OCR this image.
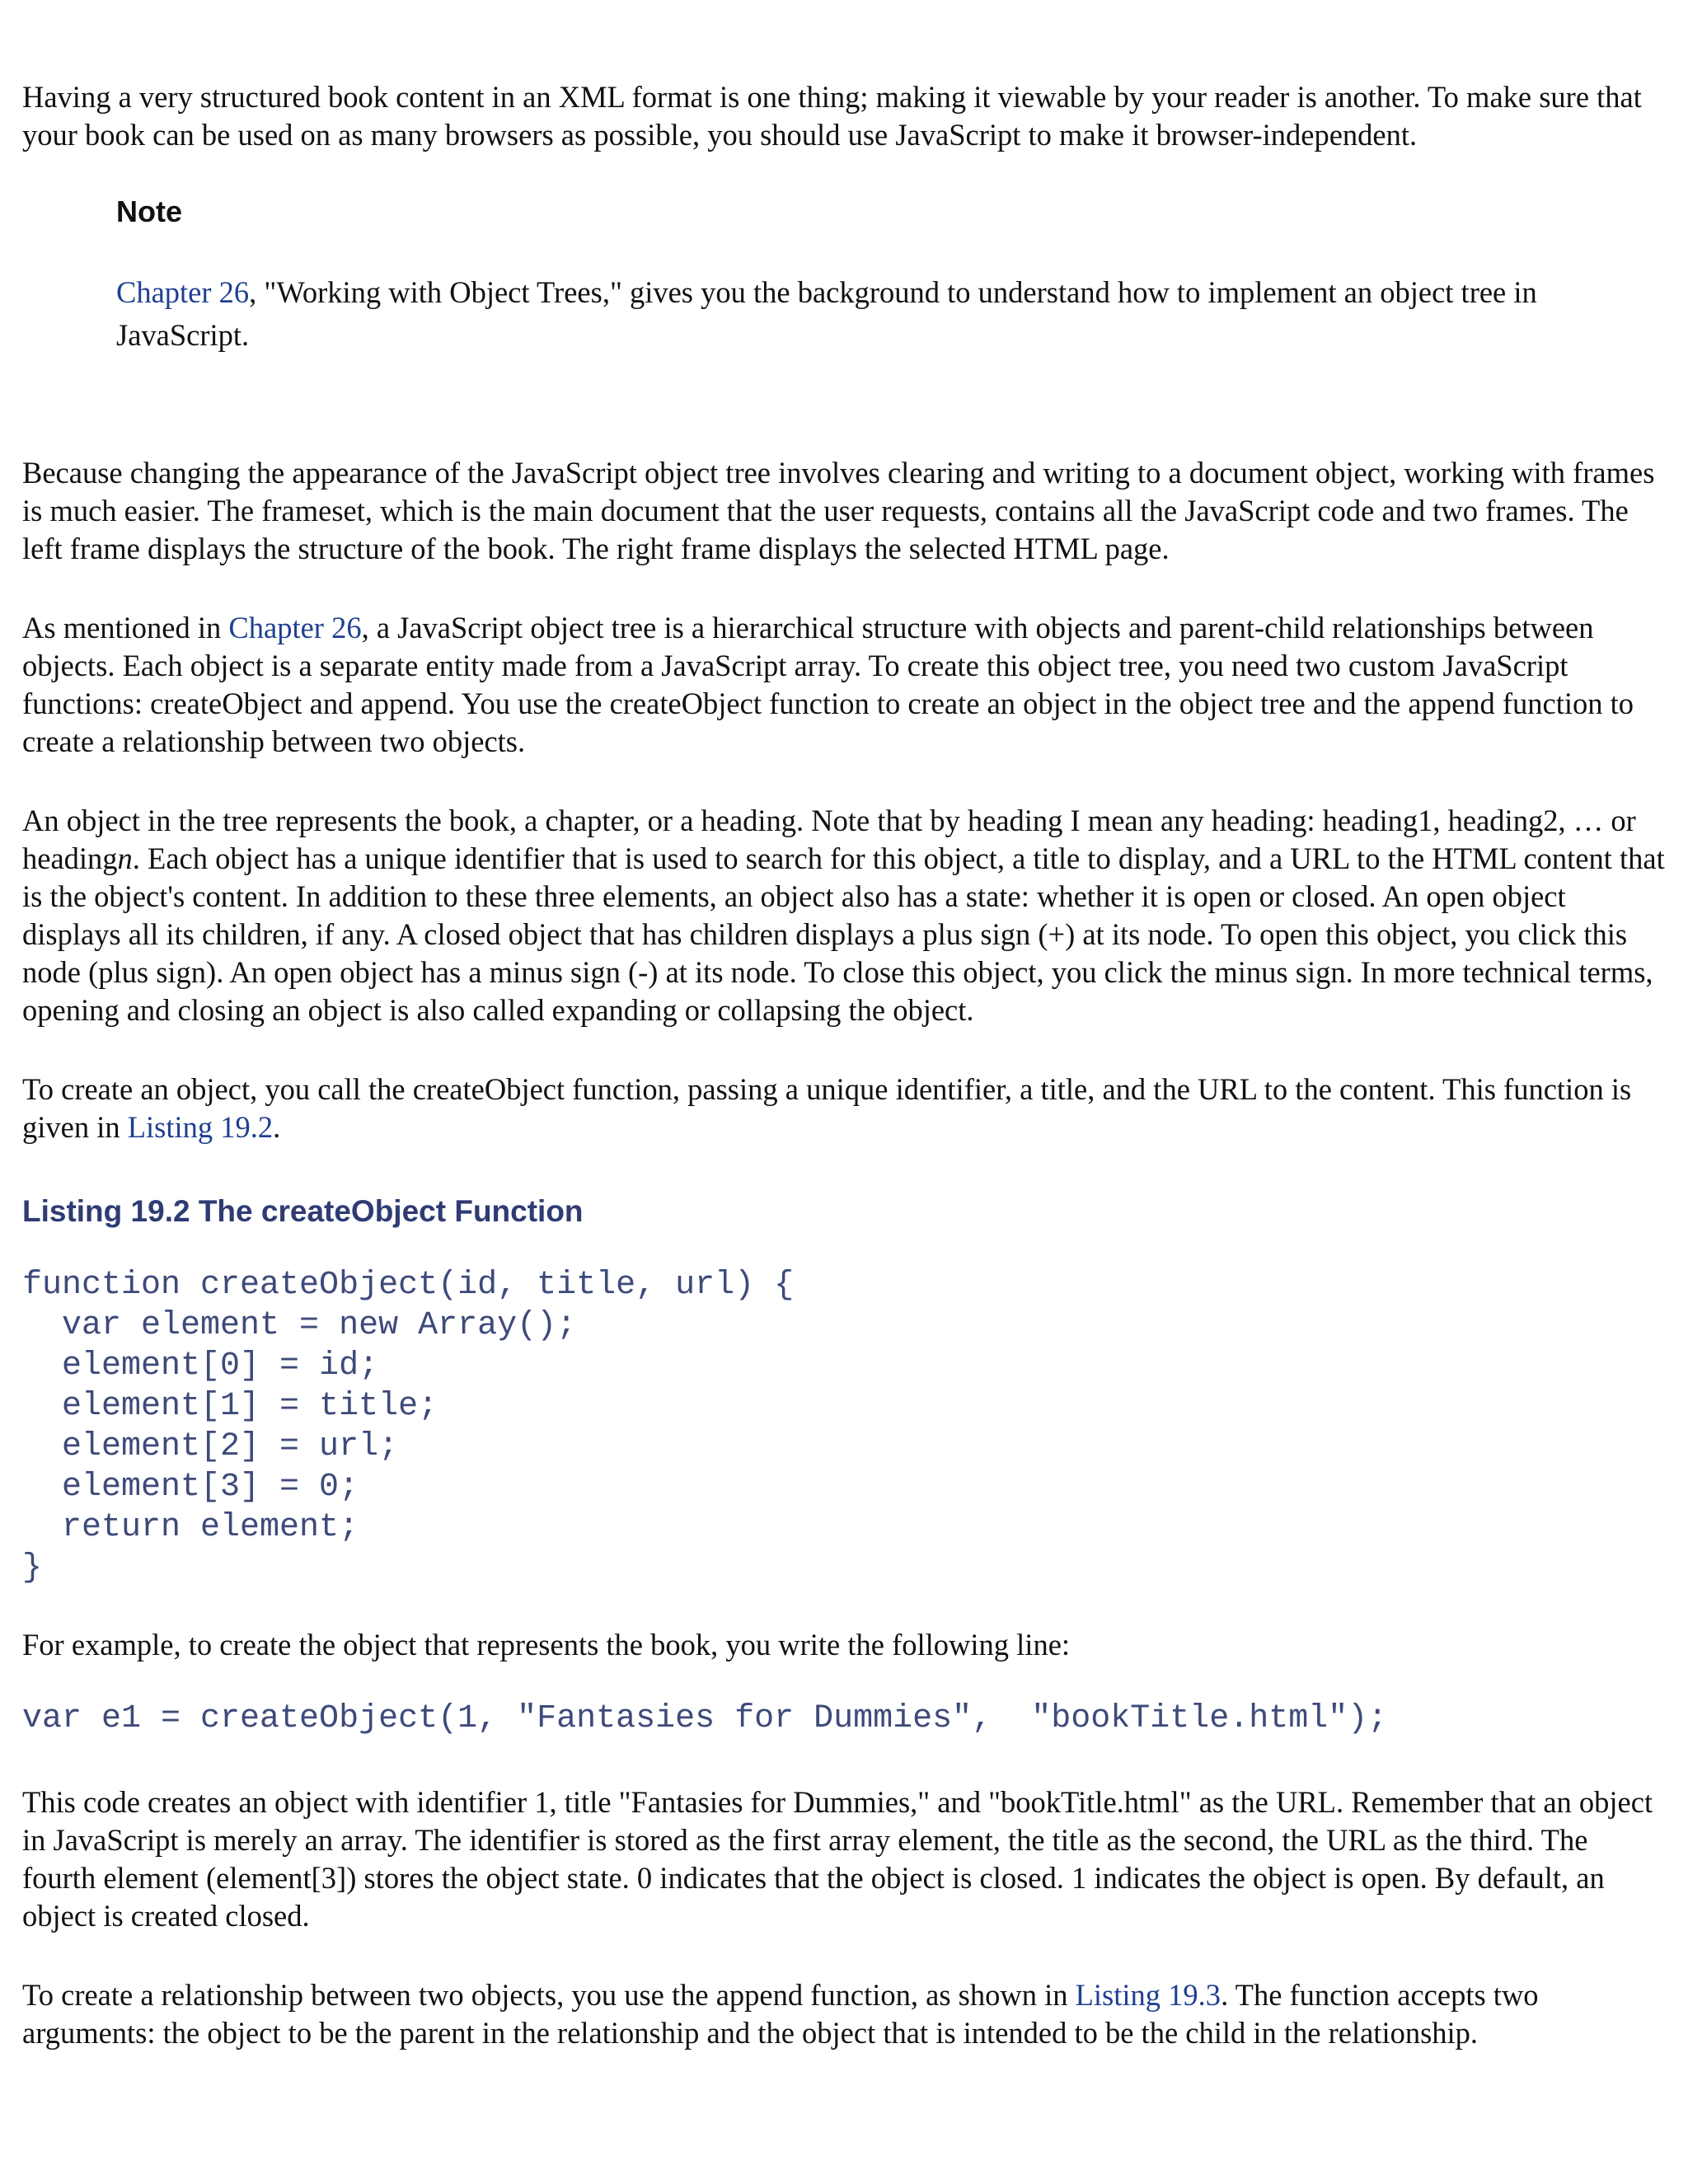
Having a very structured book content in an XML format is one thing; making it viewable by your reader is another. To make sure that your book can be used on as many browsers as possible, you should use JavaScript to make it browser-independent.

Note

Chapter 26, "Working with Object Trees," gives you the background to understand how to implement an object tree in JavaScript.

Because changing the appearance of the JavaScript object tree involves clearing and writing to a document object, working with frames is much easier. The frameset, which is the main document that the user requests, contains all the JavaScript code and two frames. The left frame displays the structure of the book. The right frame displays the selected HTML page.

As mentioned in Chapter 26, a JavaScript object tree is a hierarchical structure with objects and parent-child relationships between objects. Each object is a separate entity made from a JavaScript array. To create this object tree, you need two custom JavaScript functions: createObject and append. You use the createObject function to create an object in the object tree and the append function to create a relationship between two objects.

An object in the tree represents the book, a chapter, or a heading. Note that by heading I mean any heading: heading1, heading2, … or headingn. Each object has a unique identifier that is used to search for this object, a title to display, and a URL to the HTML content that is the object's content. In addition to these three elements, an object also has a state: whether it is open or closed. An open object displays all its children, if any. A closed object that has children displays a plus sign (+) at its node. To open this object, you click this node (plus sign). An open object has a minus sign (-) at its node. To close this object, you click the minus sign. In more technical terms, opening and closing an object is also called expanding or collapsing the object.

To create an object, you call the createObject function, passing a unique identifier, a title, and the URL to the content. This function is given in Listing 19.2.

Listing 19.2 The createObject Function

function createObject(id, title, url) {
var element = new Array();
element[0] = id;
element[1] = title;
element[2] = url;
element[3] = 0;
return element;
}

For example, to create the object that represents the book, you write the following line:

var e1 = createObject(1, "Fantasies for Dummies",  "bookTitle.html");

This code creates an object with identifier 1, title "Fantasies for Dummies," and "bookTitle.html" as the URL. Remember that an object in JavaScript is merely an array. The identifier is stored as the first array element, the title as the second, the URL as the third. The fourth element (element[3]) stores the object state. 0 indicates that the object is closed. 1 indicates the object is open. By default, an object is created closed.

To create a relationship between two objects, you use the append function, as shown in Listing 19.3. The function accepts two arguments: the object to be the parent in the relationship and the object that is intended to be the child in the relationship.
